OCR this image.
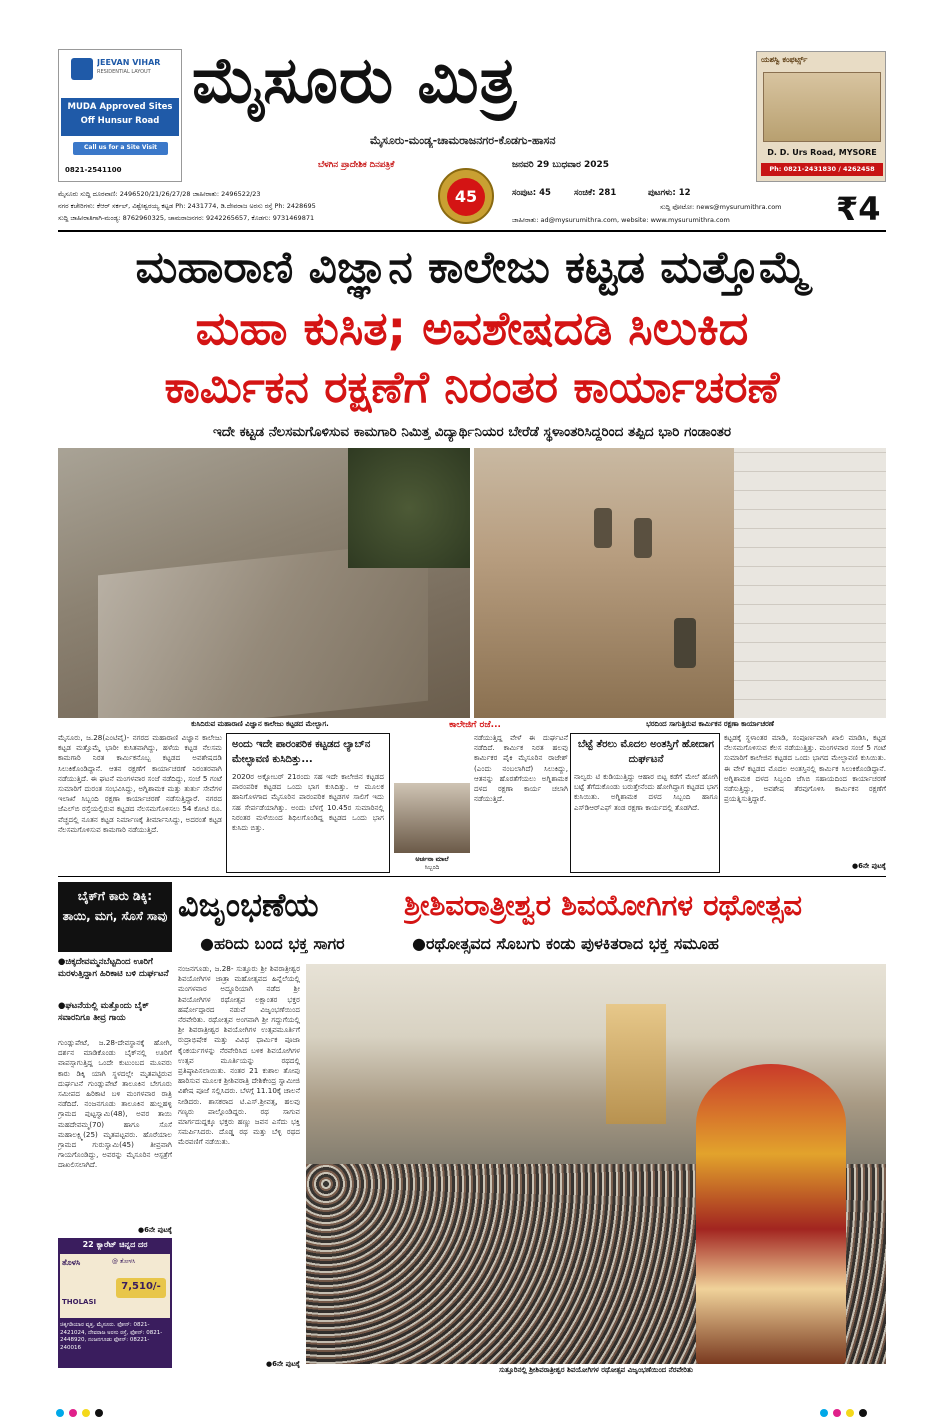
JEEVAN VIHAR
RESIDENTIAL LAYOUT
MUDA Approved Sites
Off Hunsur Road
Call us for a Site Visit
0821-2541100
ಮೈಸೂರು ಮಿತ್ರ
ಮೈಸೂರು-ಮಂಡ್ಯ-ಚಾಮರಾಜನಗರ-ಕೊಡಗು-ಹಾಸನ
ಬೆಳಗಿನ ಪ್ರಾದೇಶಿಕ ದಿನಪತ್ರಿಕೆ	ಜನವರಿ 29 ಬುಧವಾರ 2025
45
ಯಶಸ್ವಿ ಕಂಫರ್ಟ್ಸ್
D. D. Urs Road, MYSORE
Ph: 0821-2431830 / 4262458
ಮೈಸೂರು ಸುದ್ದಿ ದೂರವಾಣಿ: 2496520/21/26/27/28 ಜಾಹೀರಾತು: 2496522/23
ನಗರ ಕಚೇರಿಗಳು: ಕೆಆರ್ ಸರ್ಕಲ್, ವಿಶ್ವೇಶ್ವರಯ್ಯ ಕಟ್ಟಡ Ph: 2431774, ಡಿ.ದೇವರಾಜ ಅರಸು ರಸ್ತೆ Ph: 2428695
ಸುದ್ದಿ ಜಾಹೀರಾತಿಗಾಗಿ-ಮಂಡ್ಯ: 8762960325, ಚಾಮರಾಜನಗರ: 9242265657, ಕೊಡಗು: 9731469871
ಸಂಪುಟ: 45	ಸಂಚಿಕೆ: 281	ಪುಟಗಳು: 12
ಸುದ್ದಿ ಫೋಟೋ: news@mysurumithra.com
ಜಾಹೀರಾತು: ad@mysurumithra.com, website: www.mysurumithra.com	₹4
ಮಹಾರಾಣಿ ವಿಜ್ಞಾನ ಕಾಲೇಜು ಕಟ್ಟಡ ಮತ್ತೊಮ್ಮೆ
ಮಹಾ ಕುಸಿತ; ಅವಶೇಷದಡಿ ಸಿಲುಕಿದ
ಕಾರ್ಮಿಕನ ರಕ್ಷಣೆಗೆ ನಿರಂತರ ಕಾರ್ಯಾಚರಣೆ
ಇದೇ ಕಟ್ಟಡ ನೆಲಸಮಗೊಳಿಸುವ ಕಾಮಗಾರಿ ನಿಮಿತ್ತ ವಿದ್ಯಾರ್ಥಿನಿಯರ ಬೇರೆಡೆ ಸ್ಥಳಾಂತರಿಸಿದ್ದರಿಂದ ತಪ್ಪಿದ ಭಾರಿ ಗಂಡಾಂತರ
ಕುಸಿದಿರುವ ಮಹಾರಾಣಿ ವಿಜ್ಞಾನ ಕಾಲೇಜು ಕಟ್ಟಡದ ಮೇಲ್ಭಾಗ.	ಕಾಲೇಜಿಗೆ ರಜೆ...	ಭರದಿಂದ ಸಾಗುತ್ತಿರುವ ಕಾರ್ಮಿಕನ ರಕ್ಷಣಾ ಕಾರ್ಯಾಚರಣೆ
ಮೈಸೂರು, ಜ.28(ಎಂಟಿವೈ)- ನಗರದ ಮಹಾರಾಣಿ ವಿಜ್ಞಾನ ಕಾಲೇಜು ಕಟ್ಟಡ ಮತ್ತೊಮ್ಮೆ ಭಾರೀ ಕುಸಿತವಾಗಿದ್ದು, ಹಳೆಯ ಕಟ್ಟಡ ನೆಲಸಮ ಕಾಮಗಾರಿ ನಿರತ ಕಾರ್ಮಿಕನೊಬ್ಬ ಕಟ್ಟಡದ ಅವಶೇಷದಡಿ ಸಿಲುಕಿಕೊಂಡಿದ್ದಾನೆ. ಆತನ ರಕ್ಷಣೆಗೆ ಕಾರ್ಯಾಚರಣೆ ನಿರಂತರವಾಗಿ ನಡೆಯುತ್ತಿದೆ. ಈ ಘಟನೆ ಮಂಗಳವಾರ ಸಂಜೆ ನಡೆದಿದ್ದು, ಸಂಜೆ 5 ಗಂಟೆ ಸುಮಾರಿಗೆ ದುರಂತ ಸಂಭವಿಸಿದ್ದು, ಅಗ್ನಿಶಾಮಕ ಮತ್ತು ತುರ್ತು ಸೇವೆಗಳ ಇಲಾಖೆ ಸಿಬ್ಬಂದಿ ರಕ್ಷಣಾ ಕಾರ್ಯಾಚರಣೆ ನಡೆಸುತ್ತಿದ್ದಾರೆ. ನಗರದ ಜೆಎಲ್‌ಬಿ ರಸ್ತೆಯಲ್ಲಿರುವ ಕಟ್ಟಡದ ನೆಲಸಮಗೊಳಿಸಲು 54 ಕೋಟಿ ರೂ. ವೆಚ್ಚದಲ್ಲಿ ನೂತನ ಕಟ್ಟಡ ನಿರ್ಮಾಣಕ್ಕೆ ತೀರ್ಮಾನಿಸಿದ್ದು, ಅದರಂತೆ ಕಟ್ಟಡ ನೆಲಸಮಗೊಳಿಸುವ ಕಾಮಗಾರಿ ನಡೆಯುತ್ತಿದೆ.
ಅಂದು ಇದೇ ಪಾರಂಪರಿಕ ಕಟ್ಟಡದ ಲ್ಯಾಬ್‌ನ ಮೇಲ್ಛಾವಣಿ ಕುಸಿದಿತ್ತು...
2020ರ ಅಕ್ಟೋಬರ್ 21ರಂದು ಸಹ ಇದೇ ಕಾಲೇಜಿನ ಕಟ್ಟಡದ ಪಾರಂಪರಿಕ ಕಟ್ಟಡದ ಒಂದು ಭಾಗ ಕುಸಿದಿತ್ತು. ಆ ಮೂಲಕ ಹಾನಿಗೊಳಗಾದ ಮೈಸೂರಿನ ಪಾರಂಪರಿಕ ಕಟ್ಟಡಗಳ ಸಾಲಿಗೆ ಇದು ಸಹ ಸೇರ್ಪಡೆಯಾಗಿತ್ತು. ಅಂದು ಬೆಳಗ್ಗೆ 10.45ರ ಸುಮಾರಿನಲ್ಲಿ ನಿರಂತರ ಮಳೆಯಿಂದ ಶಿಥಿಲಗೊಂಡಿದ್ದ ಕಟ್ಟಡದ ಒಂದು ಭಾಗ ಕುಸಿದು ಬಿತ್ತು.
ನಡೆಯುತ್ತಿದ್ದ ವೇಳೆ ಈ ದುರ್ಘಟನೆ ನಡೆದಿದೆ. ಕಾರ್ಮಿಕ ನಿರತ ಹಲವು ಕಾರ್ಮಿಕರ ಪೈಕಿ ಮೈಸೂರಿನ ರಾಜೇಶ್ (ಎಂದು ನಂಬಲಾಗಿದೆ) ಸಿಲುಕಿದ್ದು, ಆತನನ್ನು ಹೊರತೆಗೆಯಲು ಅಗ್ನಿಶಾಮಕ ದಳದ ರಕ್ಷಣಾ ಕಾರ್ಯ ಚಲಾಗಿ ನಡೆಯುತ್ತಿದೆ.
ಅರ್ಚನಾ ಮಾಲೆ
ಸಿಬ್ಬಂದಿ
ಬೆಟ್ಟೆ ತೆರಲು ಮೊದಲ ಅಂತಸ್ತಿಗೆ ಹೋದಾಗ ದುರ್ಘಟನೆ
ನಾಲ್ವರು ಟಿ ಕುಡಿಯುತ್ತಿದ್ದು ಆಹಾರ ಬಿಟ್ಟ ಕಡೆಗೆ ಮೇಲೆ ಹೋಗಿ ಬಟ್ಟೆ ತೆಗೆದುಕೊಂಡು ಬರುತ್ತೇನೆಂದು ಹೋಗಿದ್ದಾಗ ಕಟ್ಟಡದ ಭಾಗ ಕುಸಿಯಿತು. ಅಗ್ನಿಶಾಮಕ ದಳದ ಸಿಬ್ಬಂದಿ ಹಾಗೂ ಎಸ್‌ಡಿಆರ್‌ಎಫ್ ತಂಡ ರಕ್ಷಣಾ ಕಾರ್ಯದಲ್ಲಿ ತೊಡಗಿದೆ.
ಕಟ್ಟಡಕ್ಕೆ ಸ್ಥಳಾಂತರ ಮಾಡಿ, ಸಂಪೂರ್ಣವಾಗಿ ಖಾಲಿ ಮಾಡಿಸಿ, ಕಟ್ಟಡ ನೆಲಸಮಗೊಳಿಸುವ ಕೆಲಸ ನಡೆಯುತ್ತಿತ್ತು. ಮಂಗಳವಾರ ಸಂಜೆ 5 ಗಂಟೆ ಸುಮಾರಿಗೆ ಕಾಲೇಜಿನ ಕಟ್ಟಡದ ಒಂದು ಭಾಗದ ಮೇಲ್ಛಾವಣಿ ಕುಸಿಯಿತು. ಈ ವೇಳೆ ಕಟ್ಟಡದ ಮೊದಲ ಅಂತಸ್ತಿನಲ್ಲಿ ಕಾರ್ಮಿಕ ಸಿಲುಕಿಕೊಂಡಿದ್ದಾನೆ. ಅಗ್ನಿಶಾಮಕ ದಳದ ಸಿಬ್ಬಂದಿ ಜೆಸಿಬಿ ಸಹಾಯದಿಂದ ಕಾರ್ಯಾಚರಣೆ ನಡೆಸುತ್ತಿದ್ದು, ಅವಶೇಷ ತೆರವುಗೊಳಿಸಿ ಕಾರ್ಮಿಕನ ರಕ್ಷಣೆಗೆ ಪ್ರಯತ್ನಿಸುತ್ತಿದ್ದಾರೆ.
●6ನೇ ಪುಟಕ್ಕೆ
ಬೈಕ್‌ಗೆ ಕಾರು ಡಿಕ್ಕಿ: ತಾಯಿ, ಮಗ, ಸೊಸೆ ಸಾವು
●ಚಿಕ್ಕದೇವಮ್ಮನಬೆಟ್ಟದಿಂದ ಊರಿಗೆ ಮರಳುತ್ತಿದ್ದಾಗ ಹಿರಿಕಾಟಿ ಬಳಿ ದುರ್ಘಟನೆ
●ಘಟನೆಯಲ್ಲಿ ಮತ್ತೊಂದು ಬೈಕ್ ಸವಾರನಿಗೂ ತೀವ್ರ ಗಾಯ
ಗುಂಡ್ಲುಪೇಟೆ, ಜ.28-ದೇವಸ್ಥಾನಕ್ಕೆ ಹೋಗಿ, ದರ್ಶನ ಮಾಡಿಕೊಂಡು ಬೈಕ್‌ನಲ್ಲಿ ಊರಿಗೆ ವಾಪಸ್ಸಾಗುತ್ತಿದ್ದ ಒಂದೇ ಕುಟುಂಬದ ಮೂವರು ಕಾರು ಡಿಕ್ಕಿ ಯಾಗಿ ಸ್ಥಳದಲ್ಲೇ ಮೃತಪಟ್ಟಿರುವ ದುರ್ಘಟನೆ ಗುಂಡ್ಲುಪೇಟೆ ತಾಲೂಕಿನ ಬೇಗೂರು ಸಮೀಪದ ಹಿರಿಕಾಟಿ ಬಳಿ ಮಂಗಳವಾರ ರಾತ್ರಿ ನಡೆದಿದೆ. ನಂಜನಗೂಡು ತಾಲೂಕಿನ ಹುಲ್ಲಹಳ್ಳಿ ಗ್ರಾಮದ ಪುಟ್ಟಸ್ವಾಮಿ(48), ಅವರ ತಾಯಿ ಮಹದೇವಮ್ಮ(70) ಹಾಗೂ ಸೊಸೆ ಮಹಾಲಕ್ಷ್ಮಿ(25) ಮೃತಪಟ್ಟವರು. ಹೊರೆಯಾಲ ಗ್ರಾಮದ ಗುರುಸ್ವಾಮಿ(45) ತೀವ್ರವಾಗಿ ಗಾಯಗೊಂಡಿದ್ದು, ಅವರನ್ನು ಮೈಸೂರಿನ ಆಸ್ಪತ್ರೆಗೆ ದಾಖಲಿಸಲಾಗಿದೆ.
●6ನೇ ಪುಟಕ್ಕೆ
22 ಕ್ಯಾರೆಟ್ ಚಿನ್ನದ ದರ
ತೊಳಸಿ	@ ತೋಳಸಿ
THOLASI
7,510/-
ಚಿಕ್ಕಗಡಿಯಾರ ವೃತ್ತ, ಮೈಸೂರು. ಫೋನ್: 0821-2421024, ದೇವರಾಜ ಅರಸು ರಸ್ತೆ, ಫೋನ್: 0821-2448920, ನಂಜನಗೂಡು ಫೋನ್: 08221-240016
ವಿಜೃಂಭಣೆಯ	ಶ್ರೀಶಿವರಾತ್ರೀಶ್ವರ ಶಿವಯೋಗಿಗಳ ರಥೋತ್ಸವ
●ಹರಿದು ಬಂದ ಭಕ್ತ ಸಾಗರ	●ರಥೋತ್ಸವದ ಸೊಬಗು ಕಂಡು ಪುಳಕಿತರಾದ ಭಕ್ತ ಸಮೂಹ
ನಂಜನಗೂಡು, ಜ.28- ಸುತ್ತೂರು ಶ್ರೀ ಶಿವರಾತ್ರೀಶ್ವರ ಶಿವಯೋಗಿಗಳ ಜಾತ್ರಾ ಮಹೋತ್ಸವದ ಹಿನ್ನೆಲೆಯಲ್ಲಿ ಮಂಗಳವಾರ ಅದ್ಧೂರಿಯಾಗಿ ನಡೆದ ಶ್ರೀ ಶಿವಯೋಗಿಗಳ ರಥೋತ್ಸವ ಲಕ್ಷಾಂತರ ಭಕ್ತರ ಹರ್ಷೋದ್ಗಾರದ ನಡುವೆ ವಿಜೃಂಭಣೆಯಿಂದ ನೆರವೇರಿತು. ರಥೋತ್ಸವ ಅಂಗವಾಗಿ ಶ್ರೀ ಗದ್ದುಗೆಯಲ್ಲಿ ಶ್ರೀ ಶಿವರಾತ್ರೀಶ್ವರ ಶಿವಯೋಗಿಗಳ ಉತ್ಸವಮೂರ್ತಿಗೆ ರುದ್ರಾಭಿಷೇಕ ಮತ್ತು ವಿವಿಧ ಧಾರ್ಮಿಕ ಪೂಜಾ ಕೈಂಕರ್ಯಗಳನ್ನು ನೆರವೇರಿಸಿದ ಬಳಿಕ ಶಿವಯೋಗಿಗಳ ಉತ್ಸವ ಮೂರ್ತಿಯನ್ನು ರಥದಲ್ಲಿ ಪ್ರತಿಷ್ಠಾಪಿಸಲಾಯಿತು. ನಂತರ 21 ಕುಶಾಲ ತೋಪು ಹಾರಿಸುವ ಮೂಲಕ ಶ್ರೀಶಿವರಾತ್ರಿ ದೇಶಿಕೇಂದ್ರ ಸ್ವಾಮೀಜಿ ವಿಶೇಷ ಪೂಜೆ ಸಲ್ಲಿಸಿದರು. ಬೆಳಗ್ಗೆ 11.10ಕ್ಕೆ ಚಾಲನೆ ನೀಡಿದರು. ಶಾಸಕರಾದ ಟಿ.ಎಸ್.ಶ್ರೀವತ್ಸ, ಹಲವು ಗಣ್ಯರು ಪಾಲ್ಗೊಂಡಿದ್ದರು. ರಥ ಸಾಗುವ ಮಾರ್ಗದುದ್ದಕ್ಕೂ ಭಕ್ತರು ಹಣ್ಣು ಜವನ ಎಸೆದು ಭಕ್ತಿ ಸಮರ್ಪಿಸಿದರು. ದೊಡ್ಡ ರಥ ಮತ್ತು ಬೆಳ್ಳಿ ರಥದ ಮೆರವಣಿಗೆ ನಡೆಯಿತು.
●6ನೇ ಪುಟಕ್ಕೆ
ಸುತ್ತೂರಿನಲ್ಲಿ ಶ್ರೀಶಿವರಾತ್ರೀಶ್ವರ ಶಿವಯೋಗಿಗಳ ರಥೋತ್ಸವ ವಿಜೃಂಭಣೆಯಿಂದ ನೆರವೇರಿತು
